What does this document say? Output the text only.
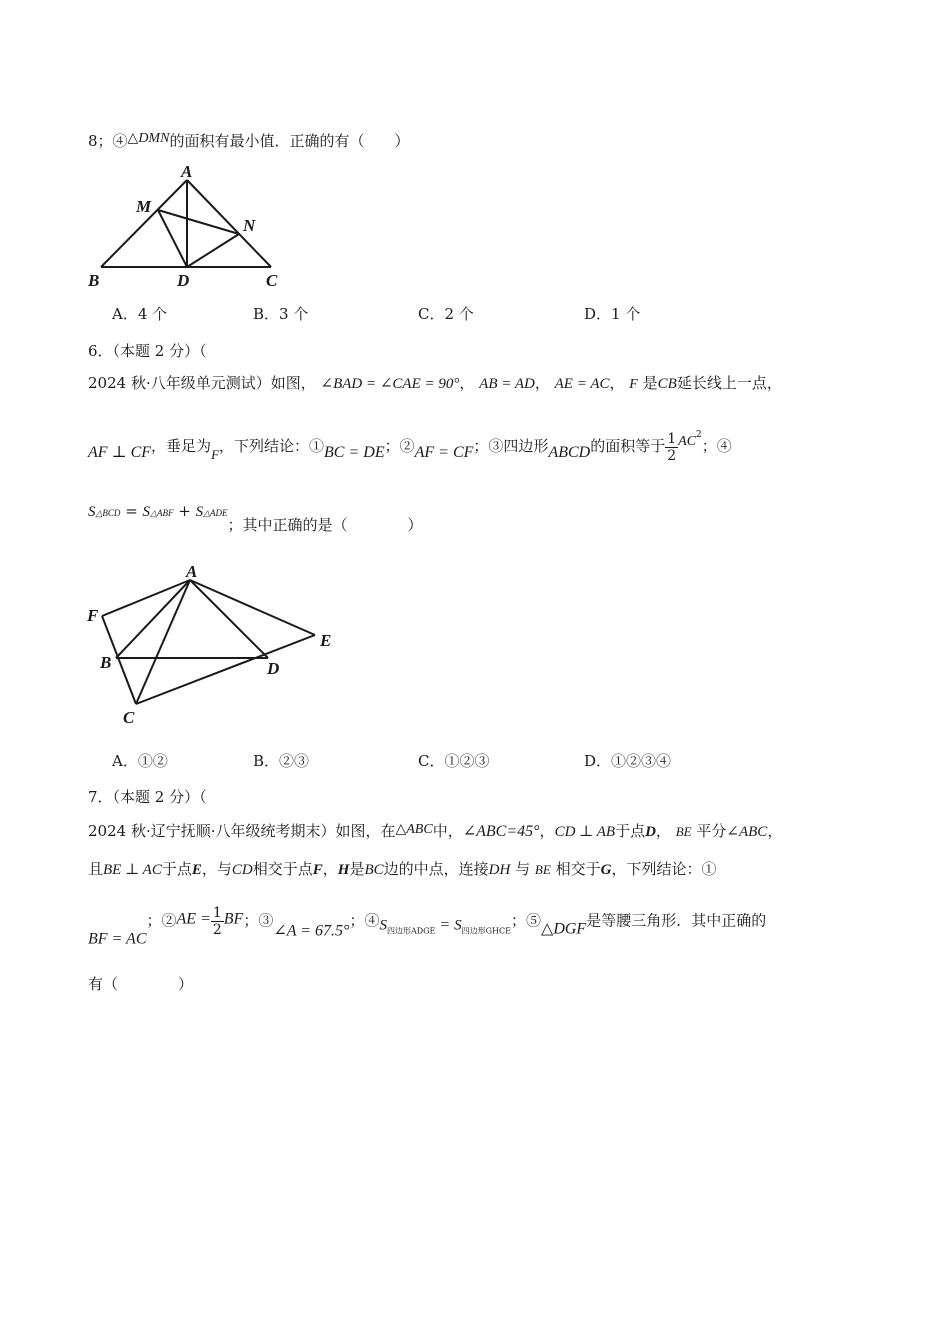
8；④△DMN的面积有最小值．正确的有（　　）
A
M
N
B	D	C
A．4 个	B．3 个	C．2 个	D．1 个
6．（本题 2 分）（
2024 秋·八年级单元测试）如图， ∠BAD = ∠CAE = 90°， AB = AD， AE = AC， F 是CB延长线上一点，
AF ⊥ CF，垂足为F，下列结论：①BC = DE；②AF = CF；③四边形ABCD的面积等于 $\frac{1}{2} AC^2$；④
S△BCD = S△ABF + S△ADE；其中正确的是（　　　　）
A
F
E
B	D
C
A．①②	B．②③	C．①②③	D．①②③④
7．（本题 2 分）（
2024 秋·辽宁抚顺·八年级统考期末）如图，在△ABC中，∠ABC=45°，CD ⊥ AB于点D， BE 平分∠ABC，
且BE ⊥ AC于点E，与CD相交于点F，H是BC边的中点，连接DH 与 BE 相交于G，下列结论：①
BF = AC；②AE = $\frac{1}{2}$ BF；③∠A = 67.5°；$④S_{四边形ADGE} = S_{四边形GHCE}$；⑤△DGF是等腰三角形．其中正确的
有（　　　　）
